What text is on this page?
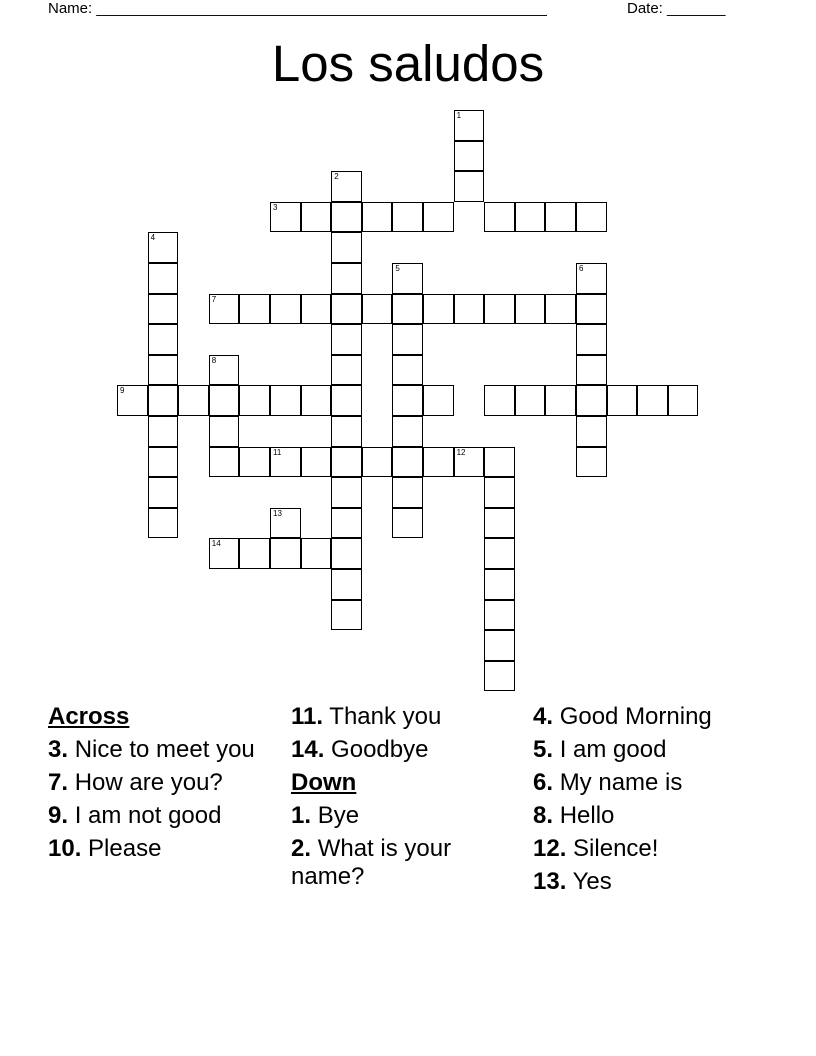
Name: ______________________________________________________	Date: _______
Los saludos
1
2
3
4
5	6
7
8
9
11	12
13
14
Across
3. Nice to meet you
7. How are you?
9. I am not good
10. Please
11. Thank you
14. Goodbye
Down
1. Bye
2. What is your name?
4. Good Morning
5. I am good
6. My name is
8. Hello
12. Silence!
13. Yes
